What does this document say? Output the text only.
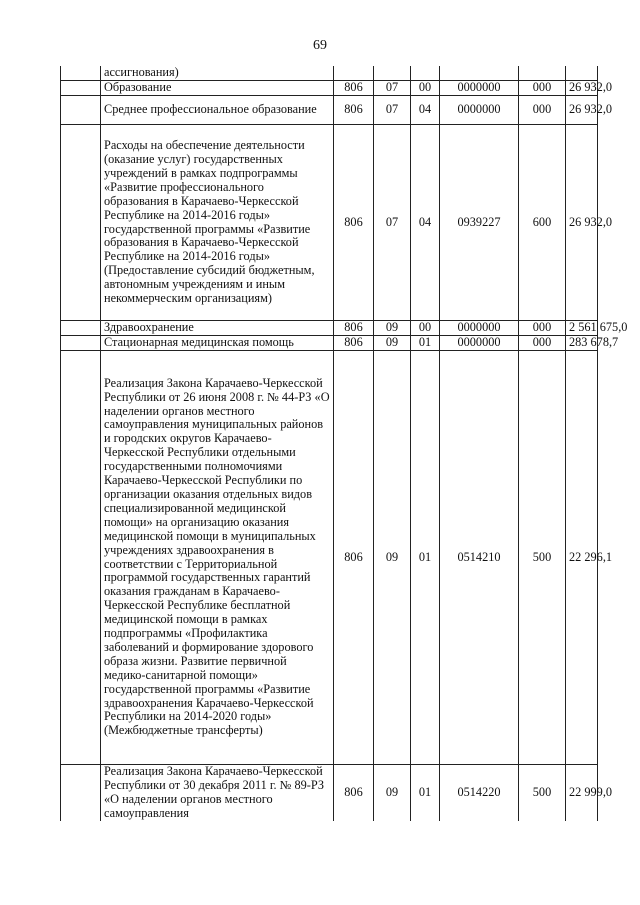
69
	ассигнования)						
	Образование	806	07	00	0000000	000	26 932,0
	Среднее профессиональное образование	806	07	04	0000000	000	26 932,0
	Расходы на обеспечение деятельности (оказание услуг) государственных учреждений в рамках подпрограммы «Развитие профессионального образования в Карачаево-Черкесской Республике на 2014-2016 годы» государственной программы «Развитие образования в Карачаево-Черкесской Республике на 2014-2016 годы» (Предоставление субсидий бюджетным, автономным учреждениям и иным некоммерческим организациям)	806	07	04	0939227	600	26 932,0
	Здравоохранение	806	09	00	0000000	000	2 561 675,0
	Стационарная медицинская помощь	806	09	01	0000000	000	283 678,7
	Реализация Закона Карачаево-Черкесской Республики от 26 июня 2008 г. № 44-РЗ «О наделении органов местного самоуправления муниципальных районов и городских округов Карачаево-Черкесской Республики отдельными государственными полномочиями Карачаево-Черкесской Республики по организации оказания отдельных видов специализированной медицинской помощи» на организацию оказания медицинской помощи в муниципальных учреждениях здравоохранения в соответствии с Территориальной программой государственных гарантий оказания гражданам в Карачаево-Черкесской Республике бесплатной медицинской помощи в рамках подпрограммы «Профилактика заболеваний и формирование здорового образа жизни. Развитие первичной медико-санитарной помощи» государственной программы «Развитие здравоохранения Карачаево-Черкесской Республики на 2014-2020 годы» (Межбюджетные трансферты)	806	09	01	0514210	500	22 296,1
	Реализация Закона Карачаево-Черкесской Республики от 30 декабря 2011 г. № 89-РЗ «О наделении органов местного самоуправления	806	09	01	0514220	500	22 999,0
